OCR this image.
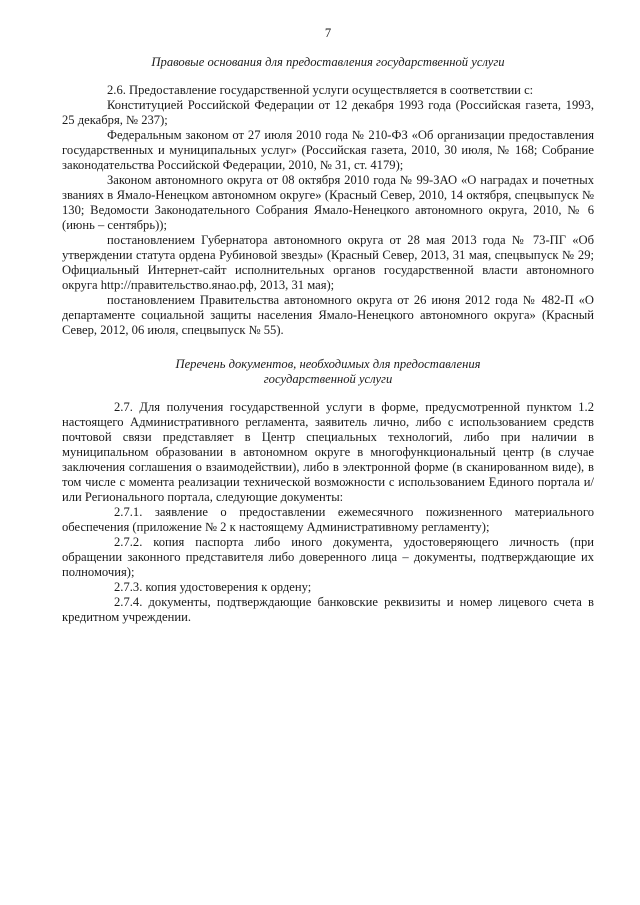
7
Правовые основания для предоставления государственной услуги

2.6. Предоставление государственной услуги осуществляется в соответствии с:

Конституцией Российской Федерации от 12 декабря 1993 года (Российская газета, 1993, 25 декабря, № 237);

Федеральным законом от 27 июля 2010 года № 210-ФЗ «Об организации предоставления государственных и муниципальных услуг» (Российская газета, 2010, 30 июля, № 168; Собрание законодательства Российской Федерации, 2010, № 31, ст. 4179);

Законом автономного округа от 08 октября 2010 года № 99-ЗАО «О наградах и почетных званиях в Ямало-Ненецком автономном округе» (Красный Север, 2010, 14 октября, спецвыпуск № 130; Ведомости Законодательного Собрания Ямало-Ненецкого автономного округа, 2010, № 6 (июнь – сентябрь));

постановлением Губернатора автономного округа от 28 мая 2013 года № 73-ПГ «Об утверждении статута ордена Рубиновой звезды» (Красный Север, 2013, 31 мая, спецвыпуск № 29; Официальный Интернет-сайт исполнительных органов государственной власти автономного округа http://правительство.янао.рф, 2013, 31 мая);

постановлением Правительства автономного округа от 26 июня 2012 года № 482-П «О департаменте социальной защиты населения Ямало-Ненецкого автономного округа» (Красный Север, 2012, 06 июля, спецвыпуск № 55).

Перечень документов, необходимых для предоставления
государственной услуги

2.7. Для получения государственной услуги в форме, предусмотренной пунктом 1.2 настоящего Административного регламента, заявитель лично, либо с использованием средств почтовой связи представляет в Центр специальных технологий, либо при наличии в муниципальном образовании в автономном округе в многофункциональный центр (в случае заключения соглашения о взаимодействии), либо в электронной форме (в сканированном виде), в том числе с момента реализации технической возможности с использованием Единого портала и/или Регионального портала, следующие документы:

2.7.1. заявление о предоставлении ежемесячного пожизненного материального обеспечения (приложение № 2 к настоящему Административному регламенту);

2.7.2. копия паспорта либо иного документа, удостоверяющего личность (при обращении законного представителя либо доверенного лица – документы, подтверждающие их полномочия);

2.7.3. копия удостоверения к ордену;

2.7.4. документы, подтверждающие банковские реквизиты и номер лицевого счета в кредитном учреждении.
